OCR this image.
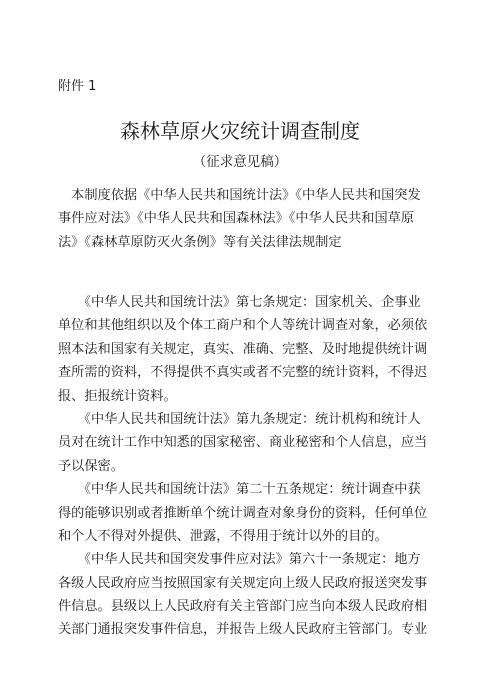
附件 1
森林草原火灾统计调查制度
（征求意见稿）
　本制度依据《中华人民共和国统计法》《中华人民共和国突发
事件应对法》《中华人民共和国森林法》《中华人民共和国草原
法》《森林草原防灭火条例》等有关法律法规制定
　　《中华人民共和国统计法》第七条规定：国家机关、企事业
单位和其他组织以及个体工商户和个人等统计调查对象，必须依
照本法和国家有关规定，真实、准确、完整、及时地提供统计调
查所需的资料，不得提供不真实或者不完整的统计资料，不得迟
报、拒报统计资料。
　　《中华人民共和国统计法》第九条规定：统计机构和统计人
员对在统计工作中知悉的国家秘密、商业秘密和个人信息，应当
予以保密。
　　《中华人民共和国统计法》第二十五条规定：统计调查中获
得的能够识别或者推断单个统计调查对象身份的资料，任何单位
和个人不得对外提供、泄露，不得用于统计以外的目的。
　　《中华人民共和国突发事件应对法》第六十一条规定：地方
各级人民政府应当按照国家有关规定向上级人民政府报送突发事
件信息。县级以上人民政府有关主管部门应当向本级人民政府相
关部门通报突发事件信息，并报告上级人民政府主管部门。专业
